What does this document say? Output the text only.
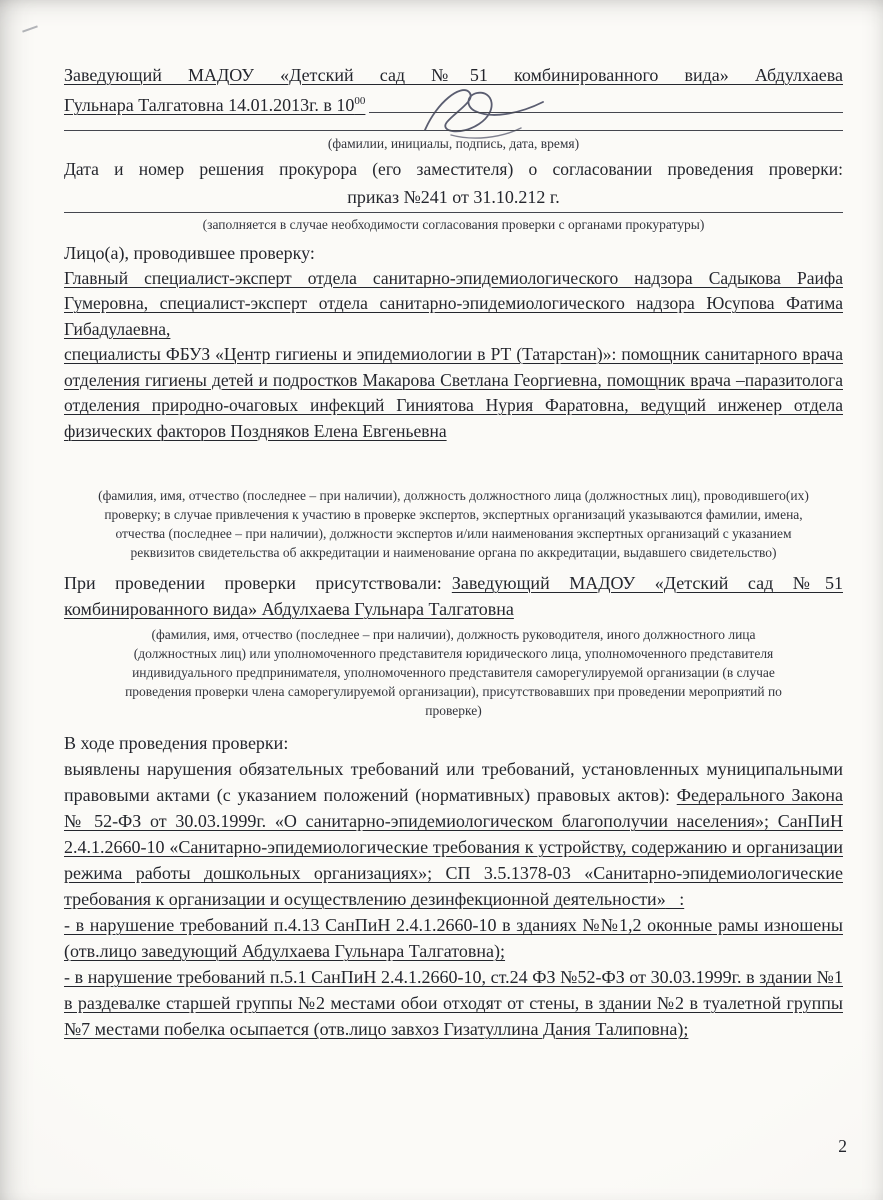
Заведующий МАДОУ «Детский сад №51 комбинированного вида» Абдулхаева

Гульнара Талгатовна 14.01.2013г. в $10^{00}$

(фамилии, инициалы, подпись, дата, время)

Дата и номер решения прокурора (его заместителя) о согласовании проведения проверки:

приказ №241 от 31.10.212 г.

(заполняется в случае необходимости согласования проверки с органами прокуратуры)

Лицо(а), проводившее проверку:

Главный специалист-эксперт отдела санитарно-эпидемиологического надзора Садыкова Раифа Гумеровна, специалист-эксперт отдела санитарно-эпидемиологического надзора Юсупова Фатима Гибадулаевна,

специалисты ФБУЗ «Центр гигиены и эпидемиологии в РТ (Татарстан)»: помощник санитарного врача отделения гигиены детей и подростков Макарова Светлана Георгиевна, помощник врача –паразитолога отделения природно-очаговых инфекций Гиниятова Нурия Фаратовна, ведущий инженер отдела физических факторов Поздняков Елена Евгеньевна

(фамилия, имя, отчество (последнее – при наличии), должность должностного лица (должностных лиц), проводившего(их) проверку; в случае привлечения к участию в проверке экспертов, экспертных организаций указываются фамилии, имена, отчества (последнее – при наличии), должности экспертов и/или наименования экспертных организаций с указанием реквизитов свидетельства об аккредитации и наименование органа по аккредитации, выдавшего свидетельство)

При проведении проверки присутствовали: Заведующий МАДОУ «Детский сад №51 комбинированного вида» Абдулхаева Гульнара Талгатовна

(фамилия, имя, отчество (последнее – при наличии), должность руководителя, иного должностного лица (должностных лиц) или уполномоченного представителя юридического лица, уполномоченного представителя индивидуального предпринимателя, уполномоченного представителя саморегулируемой организации (в случае проведения проверки члена саморегулируемой организации), присутствовавших при проведении мероприятий по проверке)

В ходе проведения проверки:

выявлены нарушения обязательных требований или требований, установленных муниципальными правовыми актами (с указанием положений (нормативных) правовых актов): Федерального Закона № 52-ФЗ от 30.03.1999г. «О санитарно-эпидемиологическом благополучии населения»; СанПиН 2.4.1.2660-10 «Санитарно-эпидемиологические требования к устройству, содержанию и организации режима работы дошкольных организациях»; СП 3.5.1378-03 «Санитарно-эпидемиологические требования к организации и осуществлению дезинфекционной деятельности»   :

- в нарушение требований п.4.13 СанПиН 2.4.1.2660-10 в зданиях №№1,2 оконные рамы изношены (отв.лицо заведующий Абдулхаева Гульнара Талгатовна);

- в нарушение требований п.5.1 СанПиН 2.4.1.2660-10, ст.24 ФЗ №52-ФЗ от 30.03.1999г. в здании №1 в раздевалке старшей группы №2 местами обои отходят от стены, в здании №2 в туалетной группы №7 местами побелка осыпается (отв.лицо завхоз Гизатуллина Дания Талиповна);

2
